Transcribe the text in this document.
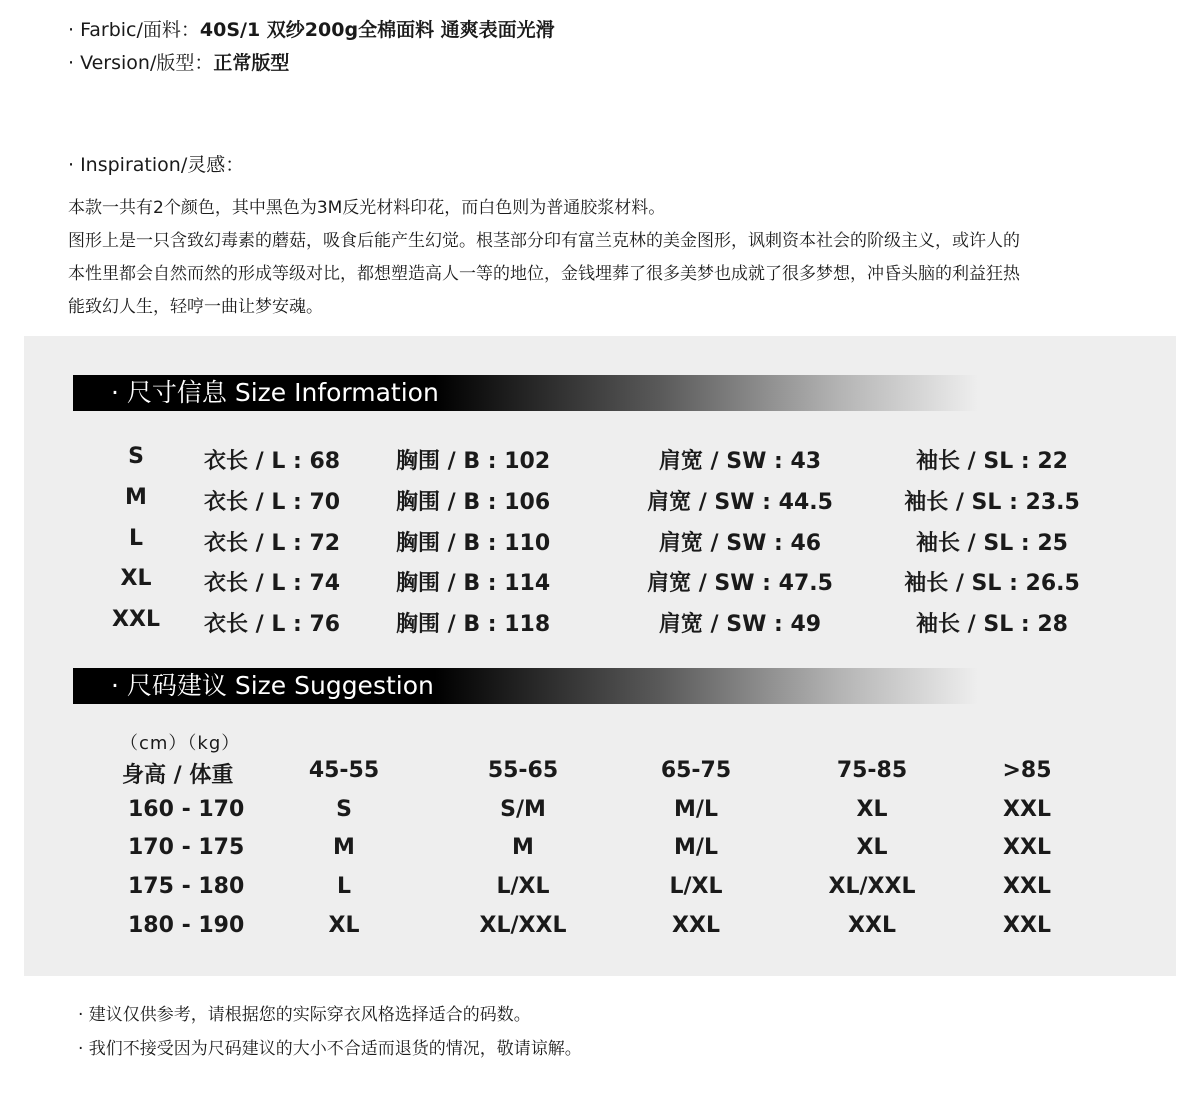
· Farbic/面料：40S/1 双纱200g全棉面料 通爽表面光滑
· Version/版型：正常版型
· Inspiration/灵感：
本款一共有2个颜色，其中黑色为3M反光材料印花，而白色则为普通胶浆材料。
图形上是一只含致幻毒素的蘑菇，吸食后能产生幻觉。根茎部分印有富兰克林的美金图形，讽刺资本社会的阶级主义，或许人的
本性里都会自然而然的形成等级对比，都想塑造高人一等的地位，金钱埋葬了很多美梦也成就了很多梦想，冲昏头脑的利益狂热
能致幻人生，轻哼一曲让梦安魂。
· 尺寸信息 Size Information
S	衣长 / L : 68	胸围 / B : 102	肩宽 / SW : 43	袖长 / SL : 22
M	衣长 / L : 70	胸围 / B : 106	肩宽 / SW : 44.5	袖长 / SL : 23.5
L	衣长 / L : 72	胸围 / B : 110	肩宽 / SW : 46	袖长 / SL : 25
XL 衣长 / L : 74	胸围 / B : 114	肩宽 / SW : 47.5	袖长 / SL : 26.5
XXL 衣长 / L : 76	胸围 / B : 118	肩宽 / SW : 49	袖长 / SL : 28
· 尺码建议 Size Suggestion
（cm）（kg）
身高 / 体重	45-55	55-65	65-75	75-85	>85
160 - 170	S	S/M	M/L	XL	XXL
170 - 175	M	M	M/L	XL	XXL
175 - 180	L	L/XL	L/XL	XL/XXL	XXL
180 - 190	XL	XL/XXL	XXL	XXL	XXL
· 建议仅供参考，请根据您的实际穿衣风格选择适合的码数。
· 我们不接受因为尺码建议的大小不合适而退货的情况，敬请谅解。
